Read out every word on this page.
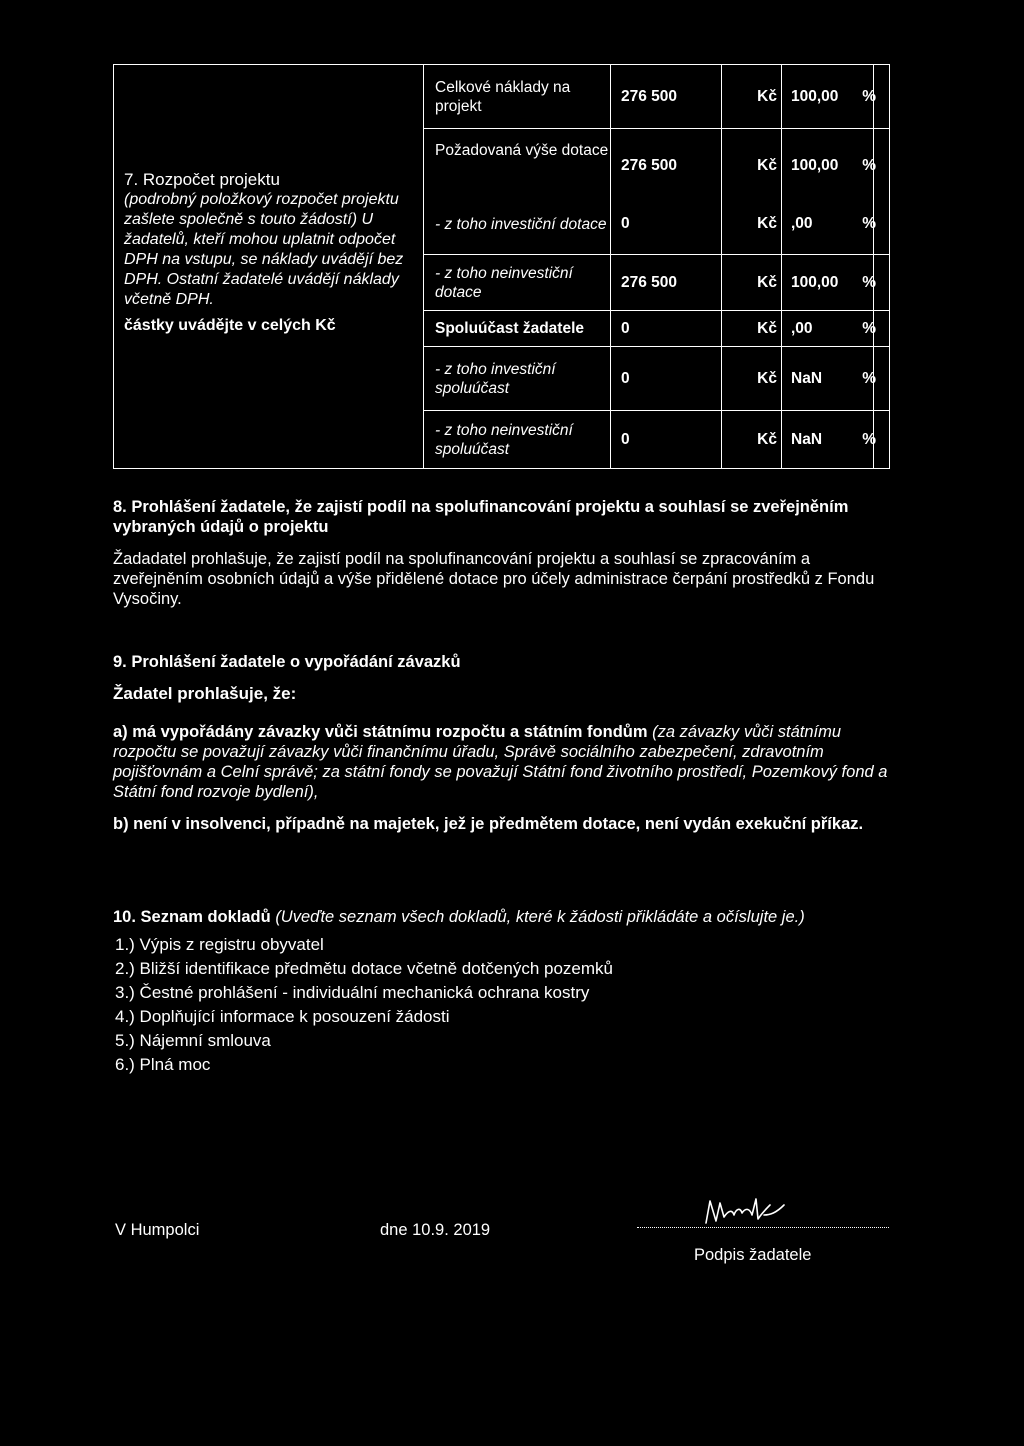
7. Rozpočet projektu
(podrobný položkový rozpočet projektu zašlete společně s touto žádostí) U žadatelů, kteří mohou uplatnit odpočet DPH na vstupu, se náklady uvádějí bez DPH. Ostatní žadatelé uvádějí náklady včetně DPH.
částky uvádějte v celých Kč
Celkové náklady na projekt
276 500	Kč 100,00	%
Požadovaná výše dotace
276 500	Kč 100,00	%
- z toho investiční dotace 0	Kč ,00	%
- z toho neinvestiční dotace
276 500	Kč 100,00	%
Spoluúčast žadatele	0	Kč ,00	%
- z toho investiční spoluúčast
0	Kč NaN	%
- z toho neinvestiční spoluúčast
0	Kč NaN	%
8. Prohlášení žadatele, že zajistí podíl na spolufinancování projektu a souhlasí se zveřejněním vybraných údajů o projektu
Žadadatel prohlašuje, že zajistí podíl na spolufinancování projektu a souhlasí se zpracováním a zveřejněním osobních údajů a výše přidělené dotace pro účely administrace čerpání prostředků z Fondu Vysočiny.
9. Prohlášení žadatele o vypořádání závazků
Žadatel prohlašuje, že:
a) má vypořádány závazky vůči státnímu rozpočtu a státním fondům (za závazky vůči státnímu rozpočtu se považují závazky vůči finančnímu úřadu, Správě sociálního zabezpečení, zdravotním pojišťovnám a Celní správě; za státní fondy se považují Státní fond životního prostředí, Pozemkový fond a Státní fond rozvoje bydlení),
b) není v insolvenci, případně na majetek, jež je předmětem dotace, není vydán exekuční příkaz.
10. Seznam dokladů (Uveďte seznam všech dokladů, které k žádosti přikládáte a očíslujte je.)
1.) Výpis z registru obyvatel
2.) Bližší identifikace předmětu dotace včetně dotčených pozemků
3.) Čestné prohlášení - individuální mechanická ochrana kostry
4.) Doplňující informace k posouzení žádosti
5.) Nájemní smlouva
6.) Plná moc
V Humpolci	dne 10.9. 2019
Podpis žadatele
